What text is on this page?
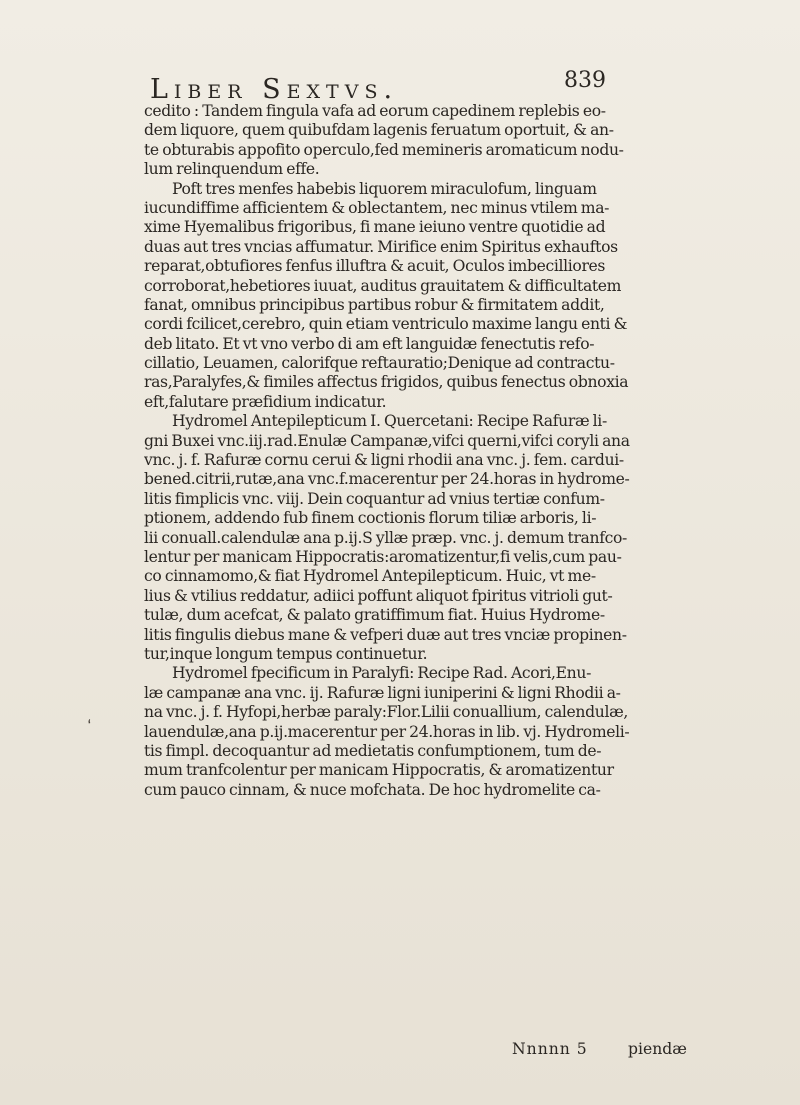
Liber Sextvs.	839
cedito : Tandem fingula vafa ad eorum capedinem replebis eo-
dem liquore, quem quibufdam lagenis feruatum oportuit, & an-
te obturabis appofito operculo,fed memineris aromaticum nodu-
lum relinquendum effe.
Poft tres menfes habebis liquorem miraculofum, linguam
iucundiffime afficientem & oblectantem, nec minus vtilem ma-
xime Hyemalibus frigoribus, fi mane ieiuno ventre quotidie ad
duas aut tres vncias affumatur. Mirifice enim Spiritus exhauftos
reparat,obtufiores fenfus illuftra & acuit, Oculos imbecilliores
corroborat,hebetiores iuuat, auditus grauitatem & difficultatem
fanat, omnibus principibus partibus robur & firmitatem addit,
cordi fcilicet,cerebro, quin etiam ventriculo maxime langu enti &
deb litato. Et vt vno verbo di am eft languidæ fenectutis refo-
cillatio, Leuamen, calorifque reftauratio;Denique ad contractu-
ras,Paralyfes,& fimiles affectus frigidos, quibus fenectus obnoxia
eft,falutare præfidium indicatur.
Hydromel Antepilepticum I. Quercetani: Recipe Rafuræ li-
gni Buxei vnc.iij.rad.Enulæ Campanæ,vifci querni,vifci coryli ana
vnc. j. f. Rafuræ cornu cerui & ligni rhodii ana vnc. j. fem. cardui-
bened.citrii,rutæ,ana vnc.f.macerentur per 24.horas in hydrome-
litis fimplicis vnc. viij. Dein coquantur ad vnius tertiæ confum-
ptionem, addendo fub finem coctionis florum tiliæ arboris, li-
lii conuall.calendulæ ana p.ij.S yllæ præp. vnc. j. demum tranfco-
lentur per manicam Hippocratis:aromatizentur,fi velis,cum pau-
co cinnamomo,& fiat Hydromel Antepilepticum. Huic, vt me-
lius & vtilius reddatur, adiici poffunt aliquot fpiritus vitrioli gut-
tulæ, dum acefcat, & palato gratiffimum fiat. Huius Hydrome-
litis fingulis diebus mane & vefperi duæ aut tres vnciæ propinen-
tur,inque longum tempus continuetur.
Hydromel fpecificum in Paralyfi: Recipe Rad. Acori,Enu-
læ campanæ ana vnc. ij. Rafuræ ligni iuniperini & ligni Rhodii a-
na vnc. j. f. Hyfopi,herbæ paraly:Flor.Lilii conuallium, calendulæ,
lauendulæ,ana p.ij.macerentur per 24.horas in lib. vj. Hydromeli-
tis fimpl. decoquantur ad medietatis confumptionem, tum de-
mum tranfcolentur per manicam Hippocratis, & aromatizentur
cum pauco cinnam, & nuce mofchata. De hoc hydromelite ca-
Nnnnn 5	piendæ
‘
